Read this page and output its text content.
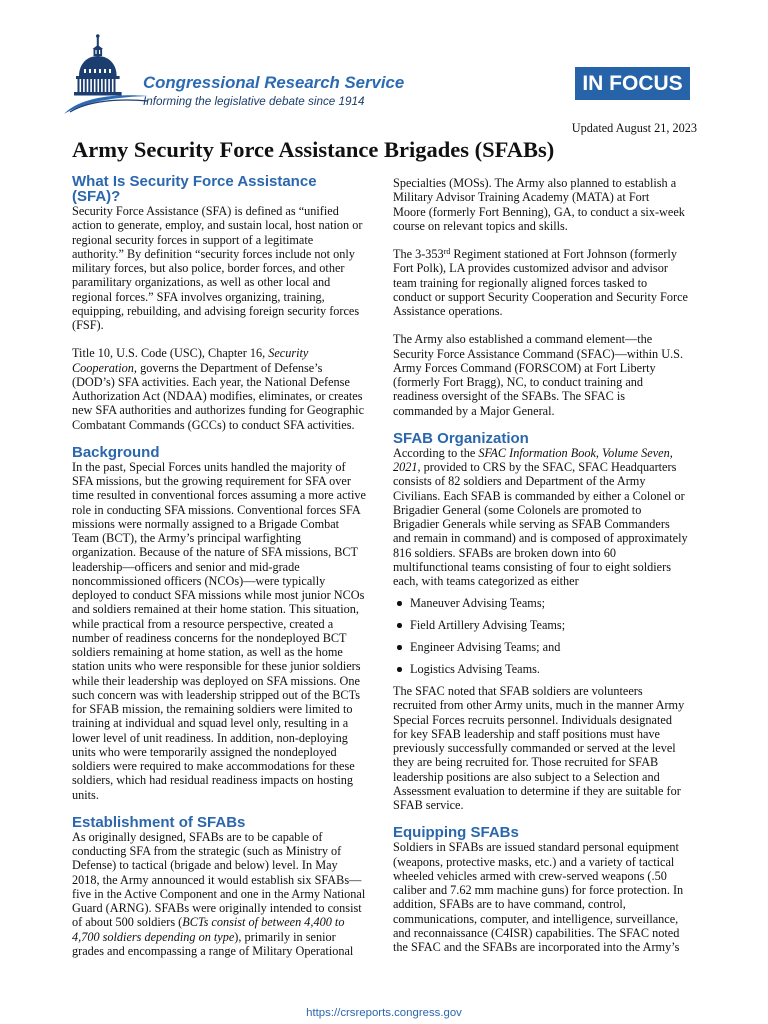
Congressional Research Service
Informing the legislative debate since 1914
IN FOCUS
Updated August 21, 2023
Army Security Force Assistance Brigades (SFABs)
What Is Security Force Assistance
(SFA)?
Security Force Assistance (SFA) is defined as “unified
action to generate, employ, and sustain local, host nation or
regional security forces in support of a legitimate
authority.” By definition “security forces include not only
military forces, but also police, border forces, and other
paramilitary organizations, as well as other local and
regional forces.” SFA involves organizing, training,
equipping, rebuilding, and advising foreign security forces
(FSF).
Title 10, U.S. Code (USC), Chapter 16, Security
Cooperation, governs the Department of Defense’s
(DOD’s) SFA activities. Each year, the National Defense
Authorization Act (NDAA) modifies, eliminates, or creates
new SFA authorities and authorizes funding for Geographic
Combatant Commands (GCCs) to conduct SFA activities.
Background
In the past, Special Forces units handled the majority of
SFA missions, but the growing requirement for SFA over
time resulted in conventional forces assuming a more active
role in conducting SFA missions. Conventional forces SFA
missions were normally assigned to a Brigade Combat
Team (BCT), the Army’s principal warfighting
organization. Because of the nature of SFA missions, BCT
leadership—officers and senior and mid-grade
noncommissioned officers (NCOs)—were typically
deployed to conduct SFA missions while most junior NCOs
and soldiers remained at their home station. This situation,
while practical from a resource perspective, created a
number of readiness concerns for the nondeployed BCT
soldiers remaining at home station, as well as the home
station units who were responsible for these junior soldiers
while their leadership was deployed on SFA missions. One
such concern was with leadership stripped out of the BCTs
for SFAB mission, the remaining soldiers were limited to
training at individual and squad level only, resulting in a
lower level of unit readiness. In addition, non-deploying
units who were temporarily assigned the nondeployed
soldiers were required to make accommodations for these
soldiers, which had residual readiness impacts on hosting
units.
Establishment of SFABs
As originally designed, SFABs are to be capable of
conducting SFA from the strategic (such as Ministry of
Defense) to tactical (brigade and below) level. In May
2018, the Army announced it would establish six SFABs—
five in the Active Component and one in the Army National
Guard (ARNG). SFABs were originally intended to consist
of about 500 soldiers (BCTs consist of between 4,400 to
4,700 soldiers depending on type), primarily in senior
grades and encompassing a range of Military Operational
Specialties (MOSs). The Army also planned to establish a
Military Advisor Training Academy (MATA) at Fort
Moore (formerly Fort Benning), GA, to conduct a six-week
course on relevant topics and skills.
The 3-353rd Regiment stationed at Fort Johnson (formerly
Fort Polk), LA provides customized advisor and advisor
team training for regionally aligned forces tasked to
conduct or support Security Cooperation and Security Force
Assistance operations.
The Army also established a command element—the
Security Force Assistance Command (SFAC)—within U.S.
Army Forces Command (FORSCOM) at Fort Liberty
(formerly Fort Bragg), NC, to conduct training and
readiness oversight of the SFABs. The SFAC is
commanded by a Major General.
SFAB Organization
According to the SFAC Information Book, Volume Seven,
2021, provided to CRS by the SFAC, SFAC Headquarters
consists of 82 soldiers and Department of the Army
Civilians. Each SFAB is commanded by either a Colonel or
Brigadier General (some Colonels are promoted to
Brigadier Generals while serving as SFAB Commanders
and remain in command) and is composed of approximately
816 soldiers. SFABs are broken down into 60
multifunctional teams consisting of four to eight soldiers
each, with teams categorized as either
Maneuver Advising Teams;
Field Artillery Advising Teams;
Engineer Advising Teams; and
Logistics Advising Teams.
The SFAC noted that SFAB soldiers are volunteers
recruited from other Army units, much in the manner Army
Special Forces recruits personnel. Individuals designated
for key SFAB leadership and staff positions must have
previously successfully commanded or served at the level
they are being recruited for. Those recruited for SFAB
leadership positions are also subject to a Selection and
Assessment evaluation to determine if they are suitable for
SFAB service.
Equipping SFABs
Soldiers in SFABs are issued standard personal equipment
(weapons, protective masks, etc.) and a variety of tactical
wheeled vehicles armed with crew-served weapons (.50
caliber and 7.62 mm machine guns) for force protection. In
addition, SFABs are to have command, control,
communications, computer, and intelligence, surveillance,
and reconnaissance (C4ISR) capabilities. The SFAC noted
the SFAC and the SFABs are incorporated into the Army’s
https://crsreports.congress.gov
